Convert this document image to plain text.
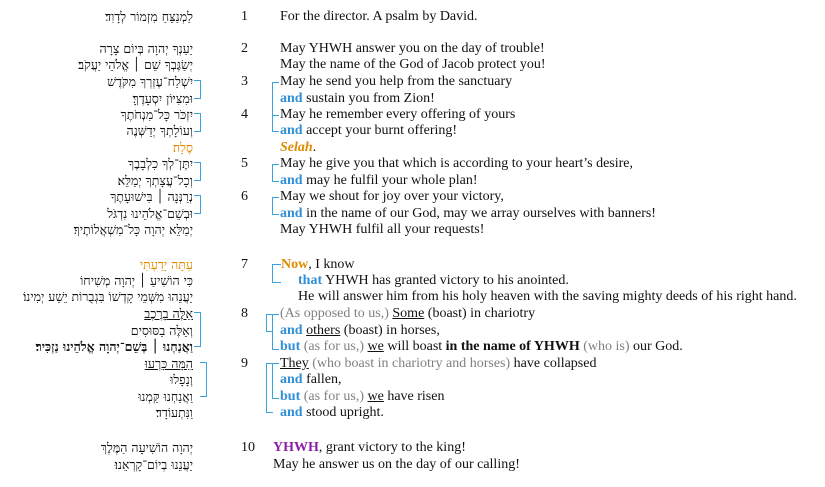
לַמְנַצֵּחַ מִזְמוֹר לְדָוִד׃
יַעַנְךָ יְהוָה בְּיוֹם צָרָה
יְשַׂגֶּבְךָ שֵׁם ׀ אֱלֹהֵי יַעֲקֹב׃
יִשְׁלַח־עֶזְרְךָ מִקֹּדֶשׁ
וּמִצִּיּוֹן יִסְעָדֶךָּ׃
יִזְכֹּר כָּל־מִנְחֹתֶךָ
וְעוֹלָתְךָ יְדַשְּׁנֶה
סֶלָה׃
יִתֶּן־לְךָ כִלְבָבֶךָ
וְכָל־עֲצָתְךָ יְמַלֵּא׃
נְרַנְּנָה ׀ בִּישׁוּעָתֶךָ
וּבְשֵׁם־אֱלֹהֵינוּ נִדְגֹּל
יְמַלֵּא יְהוָה כָּל־מִשְׁאֲלוֹתֶיךָ׃
עַתָּה יָדַעְתִּי
כִּי הוֹשִׁיעַ ׀ יְהוָה מְשִׁיחוֹ
יַעֲנֵהוּ מִשְּׁמֵי קָדְשׁוֹ בִּגְבֻרוֹת יֵשַׁע יְמִינוֹ׃
אֵלֶּה בָרֶכֶב
וְאֵלֶּה בַסּוּסִים
וַאֲנַחְנוּ ׀ בְּשֵׁם־יְהוָה אֱלֹהֵינוּ נַזְכִּיר׃
הֵמָּה כָּרְעוּ
וְנָפָלוּ
וַאֲנַחְנוּ קַּמְנוּ
וַנִּתְעוֹדָד׃
יְהוָה הוֹשִׁיעָה הַמֶּלֶךְ
יַעֲנֵנוּ בְיוֹם־קָרְאֵנוּ׃
1
2
3
4
5
6
7
8
9
10
For the director. A psalm by David.
May YHWH answer you on the day of trouble!
May the name of the God of Jacob protect you!
May he send you help from the sanctuary
and sustain you from Zion!
May he remember every offering of yours
and accept your burnt offering!
Selah.
May he give you that which is according to your heart’s desire,
and may he fulfil your whole plan!
May we shout for joy over your victory,
and in the name of our God, may we array ourselves with banners!
May YHWH fulfil all your requests!
Now, I know
that YHWH has granted victory to his anointed.
He will answer him from his holy heaven with the saving mighty deeds of his right hand.
(As opposed to us,) Some (boast) in chariotry
and others (boast) in horses,
but (as for us,) we will boast in the name of YHWH (who is) our God.
They (who boast in chariotry and horses) have collapsed
and fallen,
but (as for us,) we have risen
and stood upright.
YHWH, grant victory to the king!
May he answer us on the day of our calling!
